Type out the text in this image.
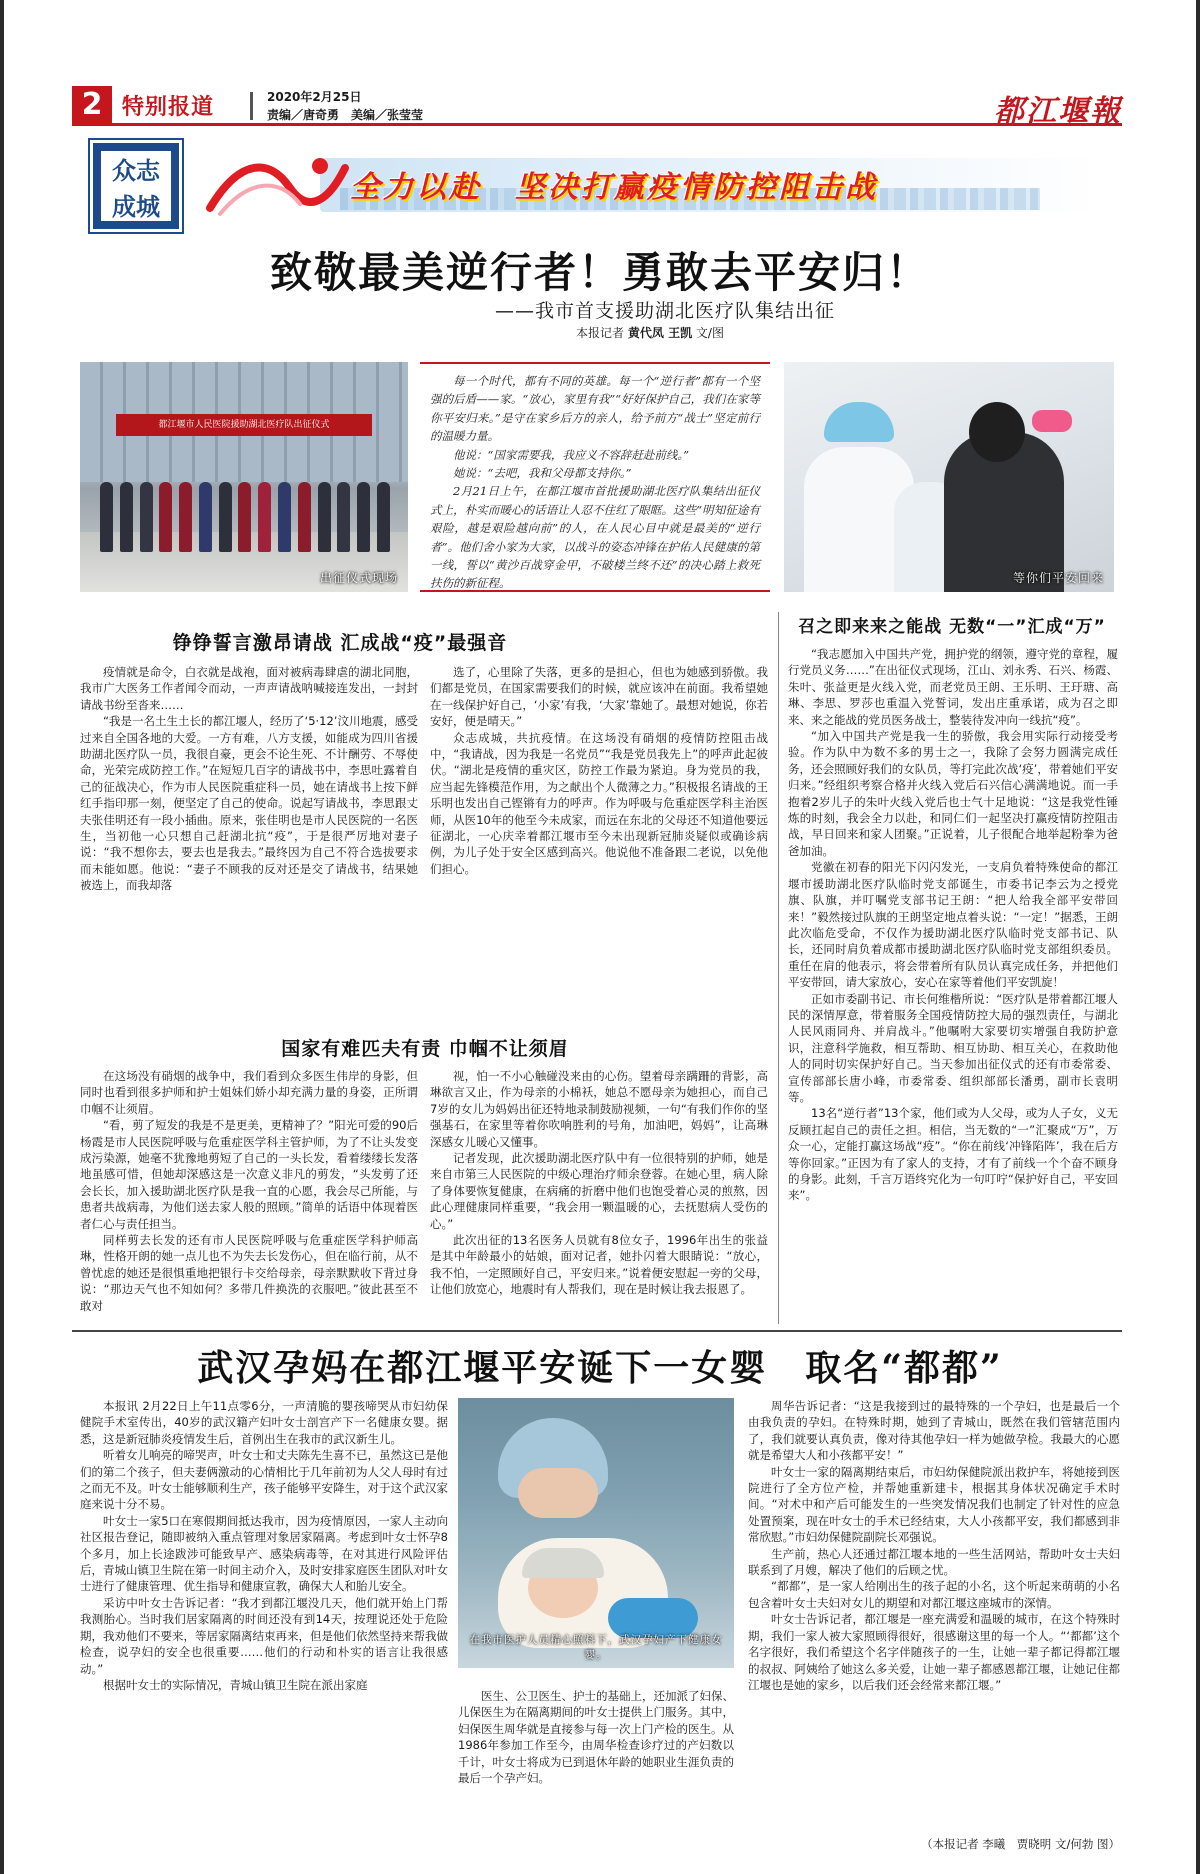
2 特别报道	2020年2月25日
责编／唐奇勇　美编／张莹莹	都江堰報
众志
成城
全力以赴　坚决打赢疫情防控阻击战
致敬最美逆行者！勇敢去平安归！
——我市首支援助湖北医疗队集结出征
本报记者 黄代凤 王凯 文/图
都江堰市人民医院援助湖北医疗队出征仪式
出征仪式现场

每一个时代，都有不同的英雄。每一个“逆行者”都有一个坚强的后盾——家。“放心，家里有我”“好好保护自己，我们在家等你平安归来。”是守在家乡后方的亲人，给予前方“战士”坚定前行的温暖力量。

他说：“国家需要我，我应义不容辞赶赴前线。”

她说：“去吧，我和父母都支持你。”

2月21日上午，在都江堰市首批援助湖北医疗队集结出征仪式上，朴实而暖心的话语让人忍不住红了眼眶。这些“明知征途有艰险，越是艰险越向前”的人，在人民心目中就是最美的“逆行者”。他们舍小家为大家，以战斗的姿态冲锋在护佑人民健康的第一线，誓以“黄沙百战穿金甲，不破楼兰终不还”的决心踏上救死扶伤的新征程。	等你们平安回来
铮铮誓言激昂请战 汇成战“疫”最强音

疫情就是命令，白衣就是战袍，面对被病毒肆虐的湖北同胞，我市广大医务工作者闻令而动，一声声请战呐喊接连发出，一封封请战书纷至沓来……

“我是一名土生土长的都江堰人，经历了‘5·12’汶川地震，感受过来自全国各地的大爱。一方有难，八方支援，如能成为四川省援助湖北医疗队一员，我很自豪，更会不论生死、不计酬劳、不辱使命，光荣完成防控工作。”在短短几百字的请战书中，李思吐露着自己的征战决心，作为市人民医院重症科一员，她在请战书上按下鲜红手指印那一刻，便坚定了自己的使命。说起写请战书，李思跟丈夫张佳明还有一段小插曲。原来，张佳明也是市人民医院的一名医生，当初他一心只想自己赶湖北抗“疫”，于是很严厉地对妻子说：“我不想你去，要去也是我去。”最终因为自己不符合选拔要求而未能如愿。他说：“妻子不顾我的反对还是交了请战书，结果她被选上，而我却落

选了，心里除了失落，更多的是担心，但也为她感到骄傲。我们都是党员，在国家需要我们的时候，就应该冲在前面。我希望她在一线保护好自己，‘小家’有我，‘大家’靠她了。最想对她说，你若安好，便是晴天。”

众志成城，共抗疫情。在这场没有硝烟的疫情防控阻击战中，“我请战，因为我是一名党员”“我是党员我先上”的呼声此起彼伏。“湖北是疫情的重灾区，防控工作最为紧迫。身为党员的我，应当起先锋模范作用，为之献出个人微薄之力。”积极报名请战的王乐明也发出自己铿锵有力的呼声。作为呼吸与危重症医学科主治医师，从医10年的他至今未成家，而远在东北的父母还不知道他要远征湖北，一心庆幸着都江堰市至今未出现新冠肺炎疑似或确诊病例，为儿子处于安全区感到高兴。他说他不准备跟二老说，以免他们担心。

国家有难匹夫有责 巾帼不让须眉

在这场没有硝烟的战争中，我们看到众多医生伟岸的身影，但同时也看到很多护师和护士姐妹们娇小却充满力量的身姿，正所谓巾帼不让须眉。

“看，剪了短发的我是不是更美，更精神了？”阳光可爱的90后杨霞是市人民医院呼吸与危重症医学科主管护师，为了不让头发变成污染源，她毫不犹豫地剪短了自己的一头长发，看着缕缕长发落地虽感可惜，但她却深感这是一次意义非凡的剪发，“头发剪了还会长长，加入援助湖北医疗队是我一直的心愿，我会尽己所能，与患者共战病毒，为他们送去家人般的照顾。”简单的话语中体现着医者仁心与责任担当。

同样剪去长发的还有市人民医院呼吸与危重症医学科护师高琳，性格开朗的她一点儿也不为失去长发伤心，但在临行前，从不曾忧虑的她还是很惧重地把银行卡交给母亲，母亲默默收下背过身说：“那边天气也不知如何？多带几件换洗的衣服吧。”彼此甚至不敢对

视，怕一不小心触碰没来由的心伤。望着母亲蹒跚的背影，高琳欲言又止，作为母亲的小棉袄，她总不愿母亲为她担心，而自己7岁的女儿为妈妈出征还特地录制鼓励视频，一句“有我们作你的坚强基石，在家里等着你吹响胜利的号角，加油吧，妈妈”，让高琳深感女儿暖心又懂事。

记者发现，此次援助湖北医疗队中有一位很特别的护师，她是来自市第三人民医院的中级心理治疗师余登蓉。在她心里，病人除了身体要恢复健康，在病痛的折磨中他们也饱受着心灵的煎熬，因此心理健康同样重要，“我会用一颗温暖的心，去抚慰病人受伤的心。”

此次出征的13名医务人员就有8位女子，1996年出生的张益是其中年龄最小的姑娘，面对记者，她扑闪着大眼睛说：“放心，我不怕，一定照顾好自己，平安归来。”说着便安慰起一旁的父母，让他们放宽心，地震时有人帮我们，现在是时候让我去报恩了。

召之即来来之能战 无数“一”汇成“万”

“我志愿加入中国共产党，拥护党的纲领，遵守党的章程，履行党员义务……”在出征仪式现场，江山、刘永秀、石兴、杨霞、朱叶、张益更是火线入党，而老党员王朗、王乐明、王玗瑭、高琳、李思、罗莎也重温入党誓词，发出庄重承诺，成为召之即来、来之能战的党员医务战士，整装待发冲向一线抗“疫”。

“加入中国共产党是我一生的骄傲，我会用实际行动接受考验。作为队中为数不多的男士之一，我除了会努力圆满完成任务，还会照顾好我们的女队员，等打完此次战‘疫’，带着她们平安归来。”经组织考察合格并火线入党后石兴信心满满地说。而一手抱着2岁儿子的朱叶火线入党后也士气十足地说：“这是我党性锤炼的时刻，我会全力以赴，和同仁们一起坚决打赢疫情防控阻击战，早日回来和家人团聚。”正说着，儿子很配合地举起粉拳为爸爸加油。

党徽在初春的阳光下闪闪发光，一支肩负着特殊使命的都江堰市援助湖北医疗队临时党支部诞生，市委书记李云为之授党旗、队旗，并叮嘱党支部书记王朗：“把人给我全部平安带回来！”毅然接过队旗的王朗坚定地点着头说：“一定！”据悉，王朗此次临危受命，不仅作为援助湖北医疗队临时党支部书记、队长，还同时肩负着成都市援助湖北医疗队临时党支部组织委员。重任在肩的他表示，将会带着所有队员认真完成任务，并把他们平安带回，请大家放心，安心在家等着他们平安凯旋！

正如市委副书记、市长何维楷所说：“医疗队是带着都江堰人民的深情厚意，带着服务全国疫情防控大局的强烈责任，与湖北人民风雨同舟、并肩战斗。”他嘱咐大家要切实增强自我防护意识，注意科学施救，相互帮助、相互协助、相互关心，在救助他人的同时切实保护好自己。当天参加出征仪式的还有市委常委、宣传部部长唐小峰，市委常委、组织部部长潘勇，副市长袁明等。

13名“逆行者”13个家，他们或为人父母，或为人子女，义无反顾扛起自己的责任之担。相信，当无数的“一”汇聚成“万”，万众一心，定能打赢这场战“疫”。“你在前线‘冲锋陷阵’，我在后方等你回家。”正因为有了家人的支持，才有了前线一个个奋不顾身的身影。此刻，千言万语终究化为一句叮咛“保护好自己，平安回来”。

武汉孕妈在都江堰平安诞下一女婴　取名“都都”

本报讯 2月22日上午11点零6分，一声清脆的婴孩啼哭从市妇幼保健院手术室传出，40岁的武汉籍产妇叶女士剖宫产下一名健康女婴。据悉，这是新冠肺炎疫情发生后，首例出生在我市的武汉新生儿。

听着女儿响亮的啼哭声，叶女士和丈夫陈先生喜不已，虽然这已是他们的第二个孩子，但夫妻俩激动的心情相比于几年前初为人父人母时有过之而无不及。叶女士能够顺利生产，孩子能够平安降生，对于这个武汉家庭来说十分不易。

叶女士一家5口在寒假期间抵达我市，因为疫情原因，一家人主动向社区报告登记，随即被纳入重点管理对象居家隔离。考虑到叶女士怀孕8个多月，加上长途跋涉可能致早产、感染病毒等，在对其进行风险评估后，青城山镇卫生院在第一时间主动介入，及时安排家庭医生团队对叶女士进行了健康管理、优生指导和健康宣教，确保大人和胎儿安全。

采访中叶女士告诉记者：“我才到都江堰没几天，他们就开始上门帮我测胎心。当时我们居家隔离的时间还没有到14天，按理说还处于危险期，我劝他们不要来，等居家隔离结束再来，但是他们依然坚持来帮我做检查，说孕妇的安全也很重要……他们的行动和朴实的语言让我很感动。”

根据叶女士的实际情况，青城山镇卫生院在派出家庭

在我市医护人员精心照料下，武汉孕妇产下健康女婴。

医生、公卫医生、护士的基础上，还加派了妇保、儿保医生为在隔离期间的叶女士提供上门服务。其中，妇保医生周华就是直接参与每一次上门产检的医生。从1986年参加工作至今，由周华检查诊疗过的产妇数以千计，叶女士将成为已到退休年龄的她职业生涯负责的最后一个孕产妇。

周华告诉记者：“这是我接到过的最特殊的一个孕妇，也是最后一个由我负责的孕妇。在特殊时期，她到了青城山，既然在我们管辖范围内了，我们就要认真负责，像对待其他孕妇一样为她做孕检。我最大的心愿就是希望大人和小孩都平安！”

叶女士一家的隔离期结束后，市妇幼保健院派出救护车，将她接到医院进行了全方位产检，并帮她重新建卡，根据其身体状况确定手术时间。“对术中和产后可能发生的一些突发情况我们也制定了针对性的应急处置预案，现在叶女士的手术已经结束，大人小孩都平安，我们都感到非常欣慰。”市妇幼保健院副院长邓强说。

生产前，热心人还通过都江堰本地的一些生活网站，帮助叶女士夫妇联系到了月嫂，解决了他们的后顾之忧。

“都都”，是一家人给刚出生的孩子起的小名，这个听起来萌萌的小名包含着叶女士夫妇对女儿的期望和对都江堰这座城市的深情。

叶女士告诉记者，都江堰是一座充满爱和温暖的城市，在这个特殊时期，我们一家人被大家照顾得很好，很感谢这里的每一个人。“‘都都’这个名字很好，我们希望这个名字伴随孩子的一生，让她一辈子都记得都江堰的叔叔、阿姨给了她这么多关爱，让她一辈子都感恩都江堰，让她记住都江堰也是她的家乡，以后我们还会经常来都江堰。”

（本报记者 李曦　贾晓明 文/何勃 图）
